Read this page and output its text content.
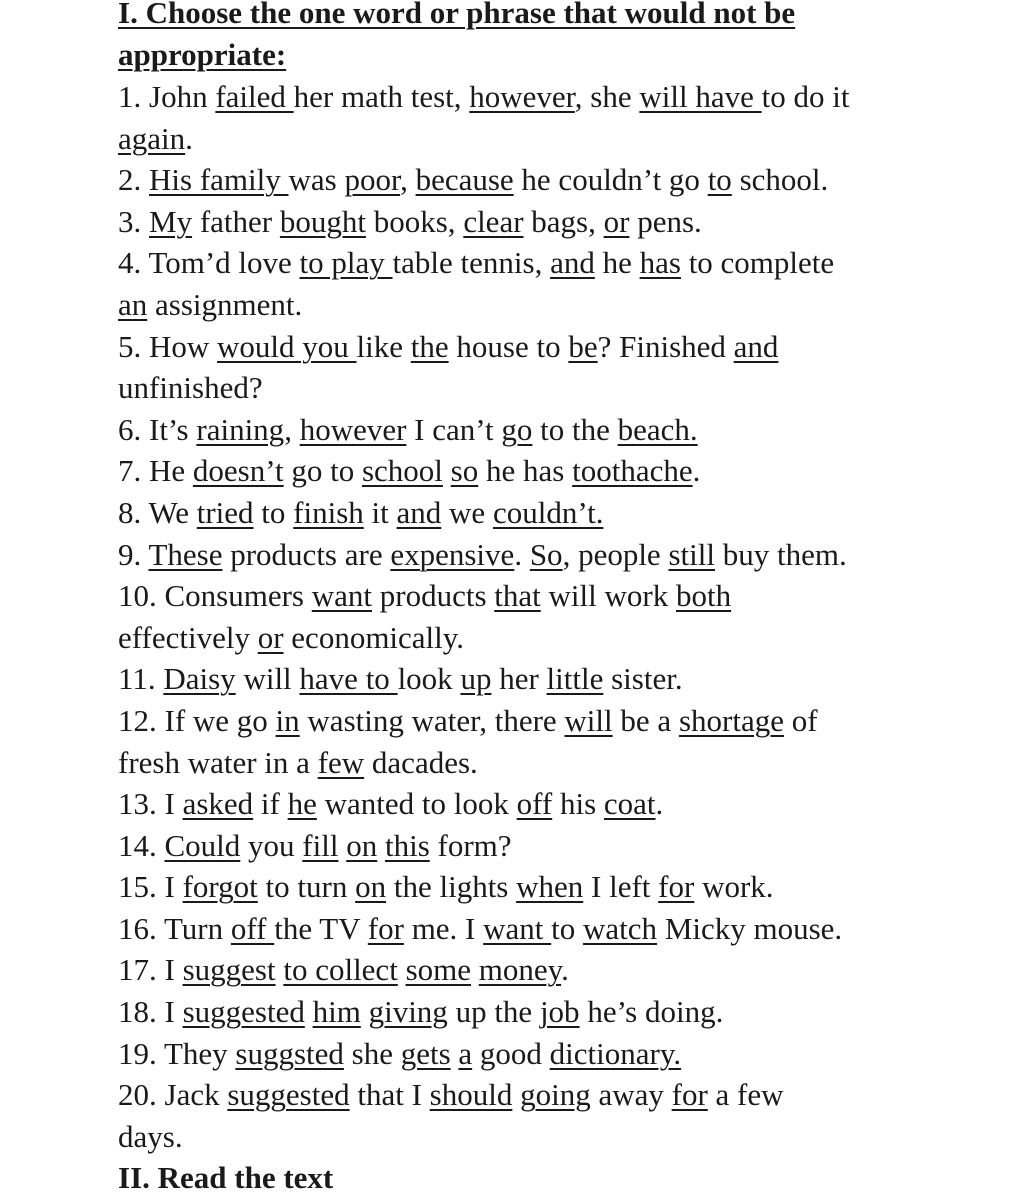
I. Choose the one word or phrase that would not be
appropriate:
1. John failed her math test, however, she will have to do it
again.
2. His family was poor, because he couldn’t go to school.
3. My father bought books, clear bags, or pens.
4. Tom’d love to play table tennis, and he has to complete
an assignment.
5. How would you like the house to be? Finished and
unfinished?
6. It’s raining, however I can’t go to the beach.
7. He doesn’t go to school so he has toothache.
8. We tried to finish it and we couldn’t.
9. These products are expensive. So, people still buy them.
10. Consumers want products that will work both
effectively or economically.
11. Daisy will have to look up her little sister.
12. If we go in wasting water, there will be a shortage of
fresh water in a few dacades.
13. I asked if he wanted to look off his coat.
14. Could you fill on this form?
15. I forgot to turn on the lights when I left for work.
16. Turn off the TV for me. I want to watch Micky mouse.
17. I suggest to collect some money.
18. I suggested him giving up the job he’s doing.
19. They suggsted she gets a good dictionary.
20. Jack suggested that I should going away for a few
days.
II. Read the text
